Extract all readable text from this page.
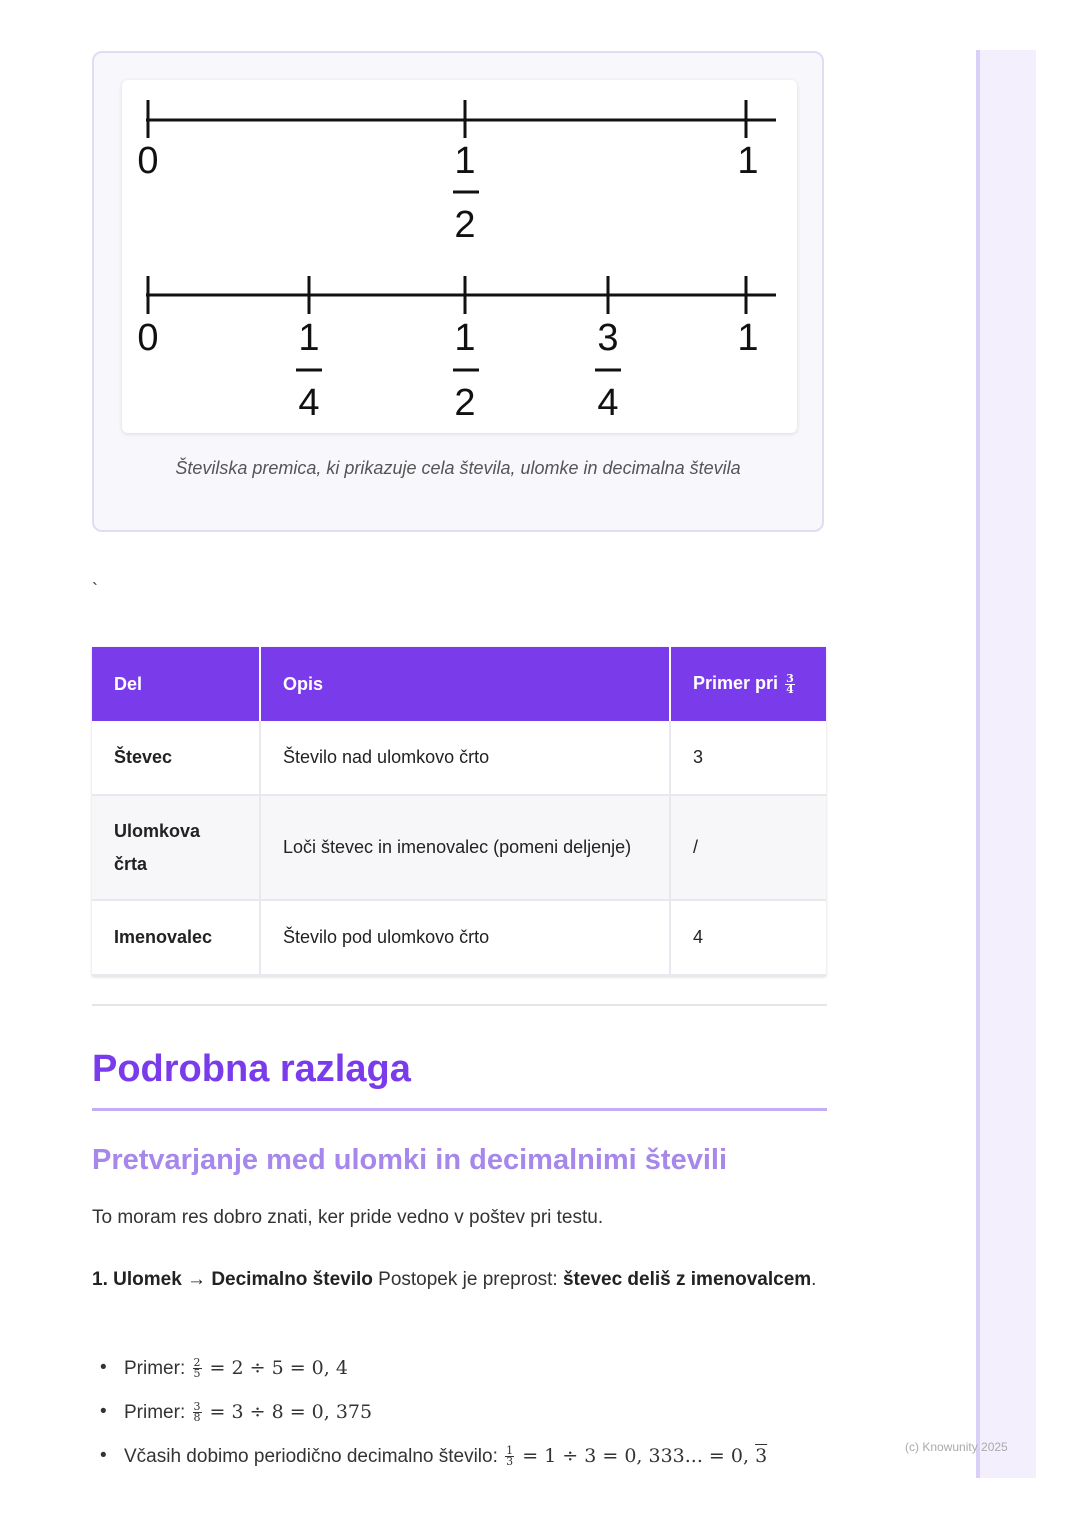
0	1
2
1
0	1
4
1
2
3
4
1
Številska premica, ki prikazuje cela števila, ulomke in decimalna števila
`
Del	Opis	Primer pri $\frac{3}{4}$

Števec	Število nad ulomkovo črto	3
Ulomkova črta	Loči števec in imenovalec (pomeni deljenje)	/
Imenovalec	Število pod ulomkovo črto	4
Podrobna razlaga
Pretvarjanje med ulomki in decimalnimi števili
To moram res dobro znati, ker pride vedno v poštev pri testu.
1. Ulomek → Decimalno število Postopek je preprost: števec deliš z imenovalcem.
• Primer: $\frac{2}{5} = 2 \div 5 = 0$, 4
• Primer: $\frac{3}{8} = 3 \div 8 = 0$, 375
• Včasih dobimo periodično decimalno število: $\frac{1}{3} = 1 \div 3 = 0$, 333... = 0, 3	(c) Knowunity 2025
